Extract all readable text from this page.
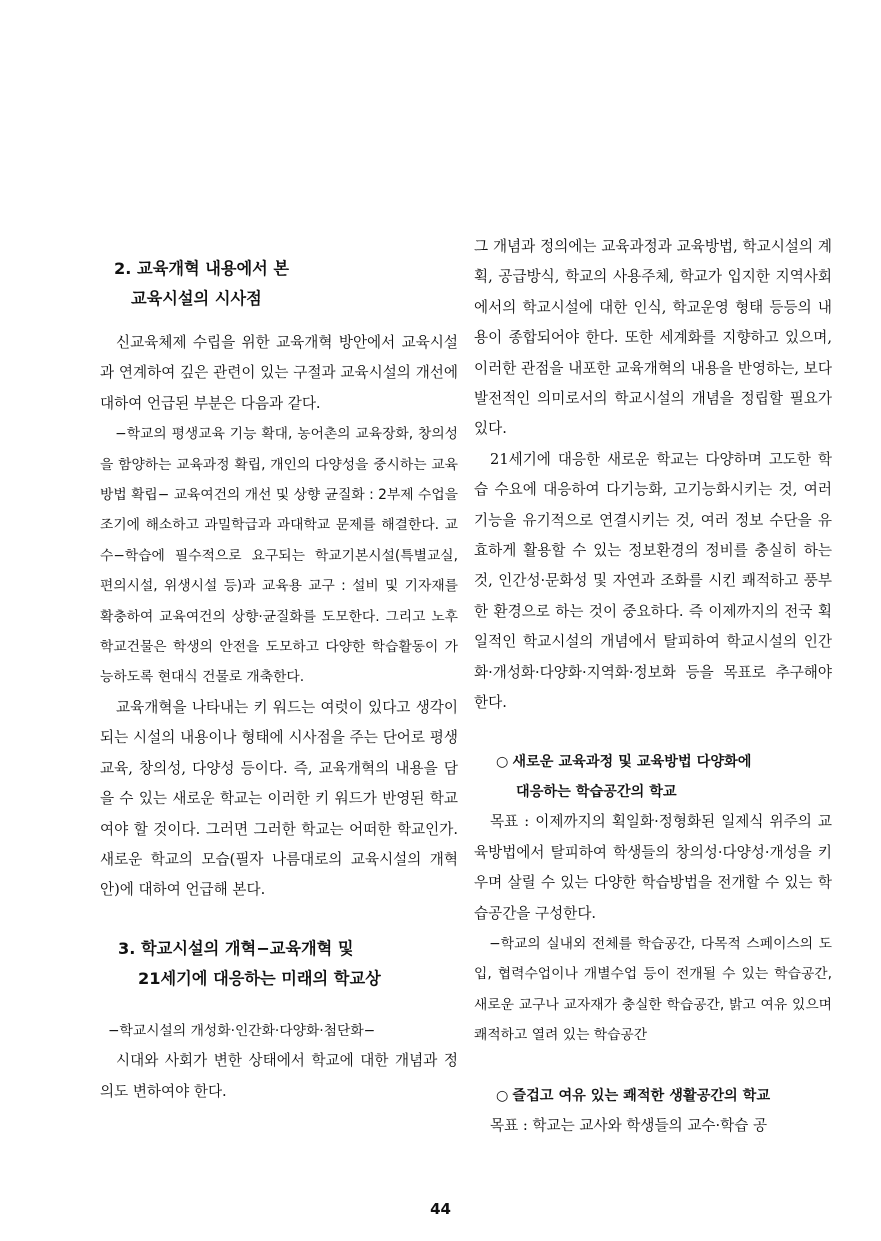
2. 교육개혁 내용에서 본
교육시설의 시사점

신교육체제 수립을 위한 교육개혁 방안에서 교육시설과 연계하여 깊은 관련이 있는 구절과 교육시설의 개선에 대하여 언급된 부분은 다음과 같다.

−학교의 평생교육 기능 확대, 농어촌의 교육장화, 창의성을 함양하는 교육과정 확립, 개인의 다양성을 중시하는 교육방법 확립− 교육여건의 개선 및 상향 균질화 : 2부제 수업을 조기에 해소하고 과밀학급과 과대학교 문제를 해결한다. 교수−학습에 필수적으로 요구되는 학교기본시설(특별교실, 편의시설, 위생시설 등)과 교육용 교구 : 설비 및 기자재를 확충하여 교육여건의 상향·균질화를 도모한다. 그리고 노후 학교건물은 학생의 안전을 도모하고 다양한 학습활동이 가능하도록 현대식 건물로 개축한다.

교육개혁을 나타내는 키 워드는 여럿이 있다고 생각이 되는 시설의 내용이나 형태에 시사점을 주는 단어로 평생교육, 창의성, 다양성 등이다. 즉, 교육개혁의 내용을 담을 수 있는 새로운 학교는 이러한 키 워드가 반영된 학교여야 할 것이다. 그러면 그러한 학교는 어떠한 학교인가. 새로운 학교의 모습(필자 나름대로의 교육시설의 개혁안)에 대하여 언급해 본다.

3. 학교시설의 개혁−교육개혁 및
21세기에 대응하는 미래의 학교상

−학교시설의 개성화·인간화·다양화·첨단화−

시대와 사회가 변한 상태에서 학교에 대한 개념과 정의도 변하여야 한다.

그 개념과 정의에는 교육과정과 교육방법, 학교시설의 계획, 공급방식, 학교의 사용주체, 학교가 입지한 지역사회에서의 학교시설에 대한 인식, 학교운영 형태 등등의 내용이 종합되어야 한다. 또한 세계화를 지향하고 있으며, 이러한 관점을 내포한 교육개혁의 내용을 반영하는, 보다 발전적인 의미로서의 학교시설의 개념을 정립할 필요가 있다.

21세기에 대응한 새로운 학교는 다양하며 고도한 학습 수요에 대응하여 다기능화, 고기능화시키는 것, 여러 기능을 유기적으로 연결시키는 것, 여러 정보 수단을 유효하게 활용할 수 있는 정보환경의 정비를 충실히 하는 것, 인간성·문화성 및 자연과 조화를 시킨 쾌적하고 풍부한 환경으로 하는 것이 중요하다. 즉 이제까지의 전국 획일적인 학교시설의 개념에서 탈피하여 학교시설의 인간화·개성화·다양화·지역화·정보화 등을 목표로 추구해야 한다.

○ 새로운 교육과정 및 교육방법 다양화에
대응하는 학습공간의 학교

목표 : 이제까지의 획일화·정형화된 일제식 위주의 교육방법에서 탈피하여 학생들의 창의성·다양성·개성을 키우며 살릴 수 있는 다양한 학습방법을 전개할 수 있는 학습공간을 구성한다.

−학교의 실내외 전체를 학습공간, 다목적 스페이스의 도입, 협력수업이나 개별수업 등이 전개될 수 있는 학습공간, 새로운 교구나 교자재가 충실한 학습공간, 밝고 여유 있으며 쾌적하고 열려 있는 학습공간

○ 즐겁고 여유 있는 쾌적한 생활공간의 학교

목표 : 학교는 교사와 학생들의 교수·학습 공

44
